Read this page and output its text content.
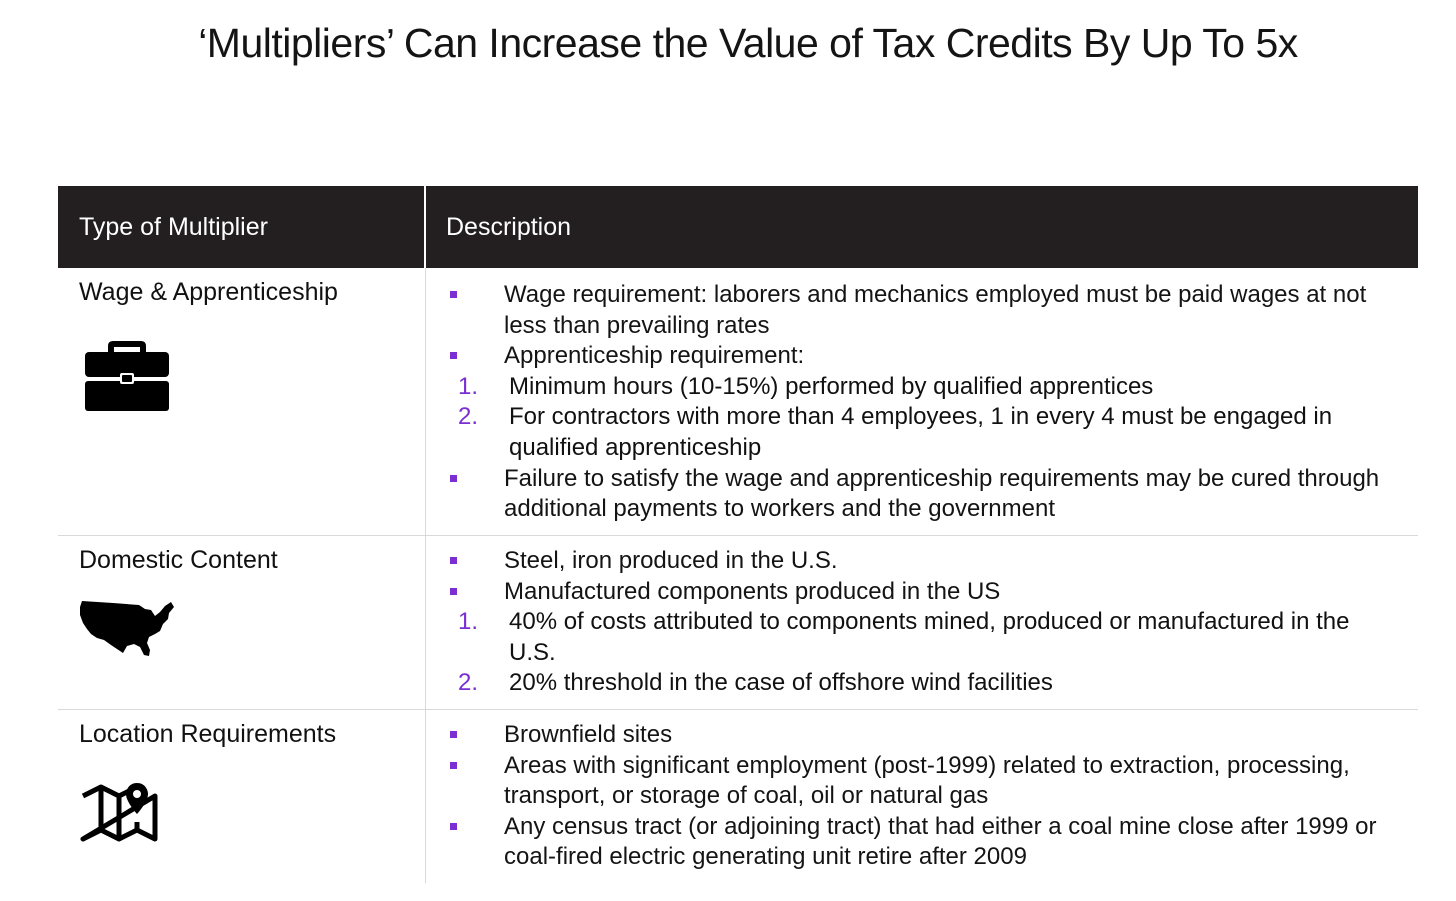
‘Multipliers’ Can Increase the Value of Tax Credits By Up To 5x
Type of Multiplier	Description
Wage & Apprenticeship	Wage requirement: laborers and mechanics employed must be paid wages at not less than prevailing rates
Apprenticeship requirement:
1. Minimum hours (10-15%) performed by qualified apprentices
2. For contractors with more than 4 employees, 1 in every 4 must be engaged in qualified apprenticeship
Failure to satisfy the wage and apprenticeship requirements may be cured through additional payments to workers and the government
Domestic Content	Steel, iron produced in the U.S.
Manufactured components produced in the US
1. 40% of costs attributed to components mined, produced or manufactured in the U.S.
2. 20% threshold in the case of offshore wind facilities
Location Requirements	Brownfield sites
Areas with significant employment (post-1999) related to extraction, processing, transport, or storage of coal, oil or natural gas
Any census tract (or adjoining tract) that had either a coal mine close after 1999 or coal-fired electric generating unit retire after 2009
